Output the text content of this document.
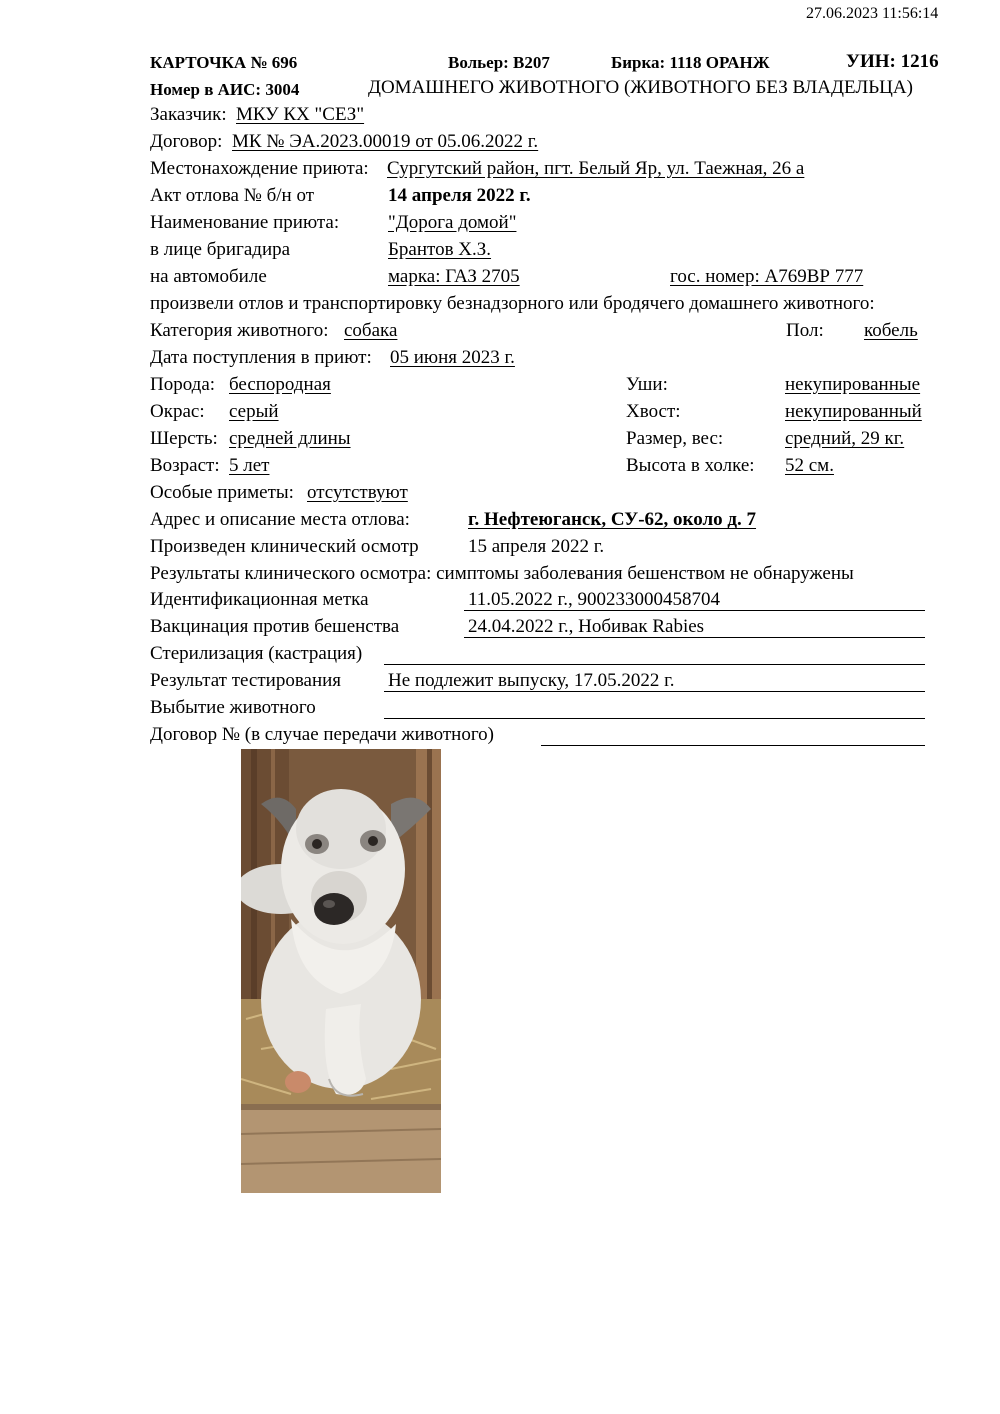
27.06.2023 11:56:14
КАРТОЧКА № 696	Вольер: В207	Бирка: 1118 ОРАНЖ	УИН: 1216
Номер в АИС: 3004	ДОМАШНЕГО ЖИВОТНОГО (ЖИВОТНОГО БЕЗ ВЛАДЕЛЬЦА)
Заказчик: МКУ КХ "СЕЗ"
Договор: МК № ЭА.2023.00019 от 05.06.2022 г.
Местонахождение приюта: Сургутский район, пгт. Белый Яр, ул. Таежная, 26 а
Акт отлова № б/н от	14 апреля 2022 г.
Наименование приюта:	"Дорога домой"
в лице бригадира	Брантов Х.З.
на автомобиле	марка: ГАЗ 2705	гос. номер: А769ВР 777
произвели отлов и транспортировку безнадзорного или бродячего домашнего животного:
Категория животного: собака	Пол: кобель
Дата поступления в приют: 05 июня 2023 г.
Порода: беспородная	Уши:	некупированные
Окрас: серый	Хвост:	некупированный
Шерсть: средней длины	Размер, вес:	средний, 29 кг.
Возраст: 5 лет	Высота в холке: 52 см.
Особые приметы: отсутствуют
Адрес и описание места отлова:	г. Нефтеюганск, СУ-62, около д. 7
Произведен клинический осмотр	15 апреля 2022 г.
Результаты клинического осмотра: симптомы заболевания бешенством не обнаружены
Идентификационная метка	11.05.2022 г., 900233000458704
Вакцинация против бешенства	24.04.2022 г., Нобивак Rabies
Стерилизация (кастрация)
Результат тестирования Не подлежит выпуску, 17.05.2022 г.
Выбытие животного
Договор № (в случае передачи животного)
